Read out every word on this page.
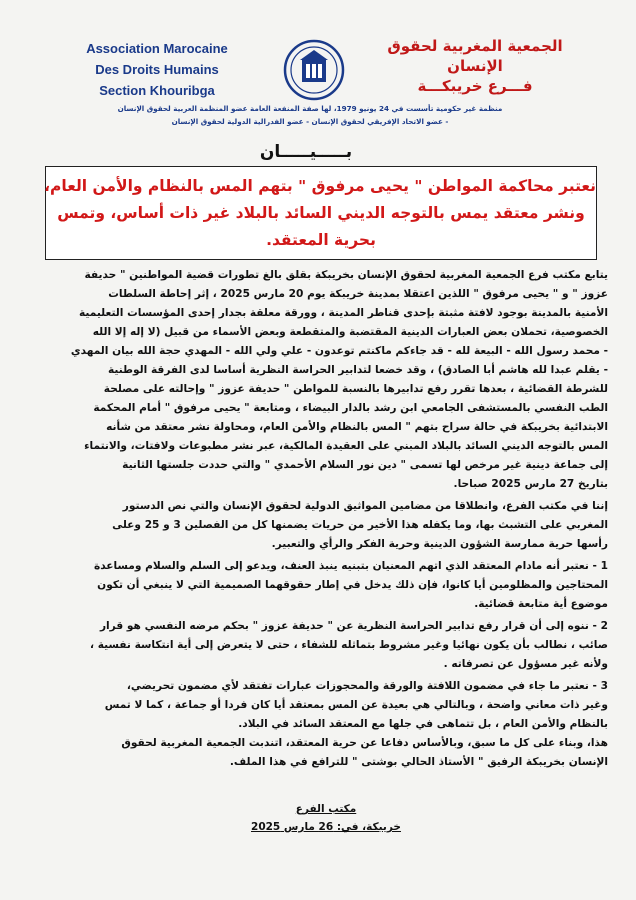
Association Marocaine
Des Droits Humains
Section Khouribga
الجمعية المغربية لحقوق
الإنسان
فـــرع خريبكـــة
منظمة غير حكومية تأسست في 24 يونيو 1979، لها صفة المنفعة العامة عضو المنظمة العربية لحقوق الإنسان
- عضو الاتحاد الإفريقي لحقوق الإنسان - عضو الفدرالية الدولية لحقوق الإنسان
بـــــيـــــان
نعتبر محاكمة المواطن " يحيى مرفوق " بتهم المس بالنظام والأمن العام،
ونشر معتقد يمس بالتوجه الديني السائد بالبلاد غير ذات أساس، وتمس
بحرية المعتقد.
يتابع مكتب فرع الجمعية المغربية لحقوق الإنسان بخريبكة بقلق بالغ تطورات قضية المواطنين " حديفة
عزوز " و " يحيى مرفوق " اللذين اعتقلا بمدينة خريبكة يوم 20 مارس 2025 ، إثر إحاطة السلطات
الأمنية بالمدينة بوجود لافتة مثبتة بإحدى قناطر المدينة ، وورقة معلقة بجدار إحدى المؤسسات التعليمية
الخصوصية، تحملان بعض العبارات الدينية المقتضبة والمتقطعة وبعض الأسماء من قبيل (لا إله إلا الله
- محمد رسول الله - البيعة لله - قد جاءكم ماكنتم توعدون - علي ولي الله - المهدي حجة الله بيان المهدي
- يقلم عبدا لله هاشم أبا الصادق) ، وقد خضعا لتدابير الحراسة النظرية أساسا لدى الفرقة الوطنية
للشرطة القضائية ، بعدها تقرر رفع تدابيرها بالنسبة للمواطن " حديفة عزوز " وإحالته على مصلحة
الطب النفسي بالمستشفى الجامعي ابن رشد بالدار البيضاء ، ومتابعة " يحيى مرفوق " أمام المحكمة
الابتدائية بخريبكة في حالة سراح بتهم " المس بالنظام والأمن العام، ومحاولة نشر معتقد من شأنه
المس بالتوجه الديني السائد بالبلاد المبني على العقيدة المالكية، عبر نشر مطبوعات ولافتات، والانتماء
إلى جماعة دينية غير مرخص لها تسمى " دين نور السلام الأحمدي " والتي حددت جلستها الثانية
بتاريخ 27 مارس 2025 صباحا.
إننا في مكتب الفرع، وانطلاقا من مضامين المواثيق الدولية لحقوق الإنسان والتي نص الدستور
المغربي على التشبث بها، وما يكفله هذا الأخير من حريات يضمنها كل من الفصلين 3 و 25 وعلى
رأسها حرية ممارسة الشؤون الدينية وحرية الفكر والرأي والتعبير.
1 - نعتبر أنه مادام المعتقد الذي اتهم المعنيان بتبنيه ينبذ العنف، ويدعو إلى السلم والسلام ومساعدة
المحتاجين والمظلومين أيا كانوا، فإن ذلك يدخل في إطار حقوقهما الصميمية التي لا ينبغي أن تكون
موضوع أية متابعة قضائية.
2 - ننوه إلى أن قرار رفع تدابير الحراسة النظرية عن " حديفة عزوز " بحكم مرضه النفسي هو قرار
صائب ، نطالب بأن يكون نهائيا وغير مشروط بتماثله للشفاء ، حتى لا يتعرض إلى أية انتكاسة نفسية ،
ولأنه غير مسؤول عن تصرفاته .
3 - نعتبر ما جاء في مضمون اللافتة والورقة والمحجوزات عبارات تفتقد لأي مضمون تحريضي،
وغير ذات معاني واضحة ، وبالتالي هي بعيدة عن المس بمعتقد أيا كان فردا أو جماعة ، كما لا تمس
بالنظام والأمن العام ، بل تتماهى في جلها مع المعتقد السائد في البلاد.
هذا، وبناء على كل ما سبق، وبالأساس دفاعا عن حرية المعتقد، اتندبت الجمعية المغربية لحقوق
الإنسان بخريبكة الرفيق " الأستاذ الحالي بوشتى " للترافع في هذا الملف.
مكتب الفرع
خريبكة، في: 26 مارس 2025
